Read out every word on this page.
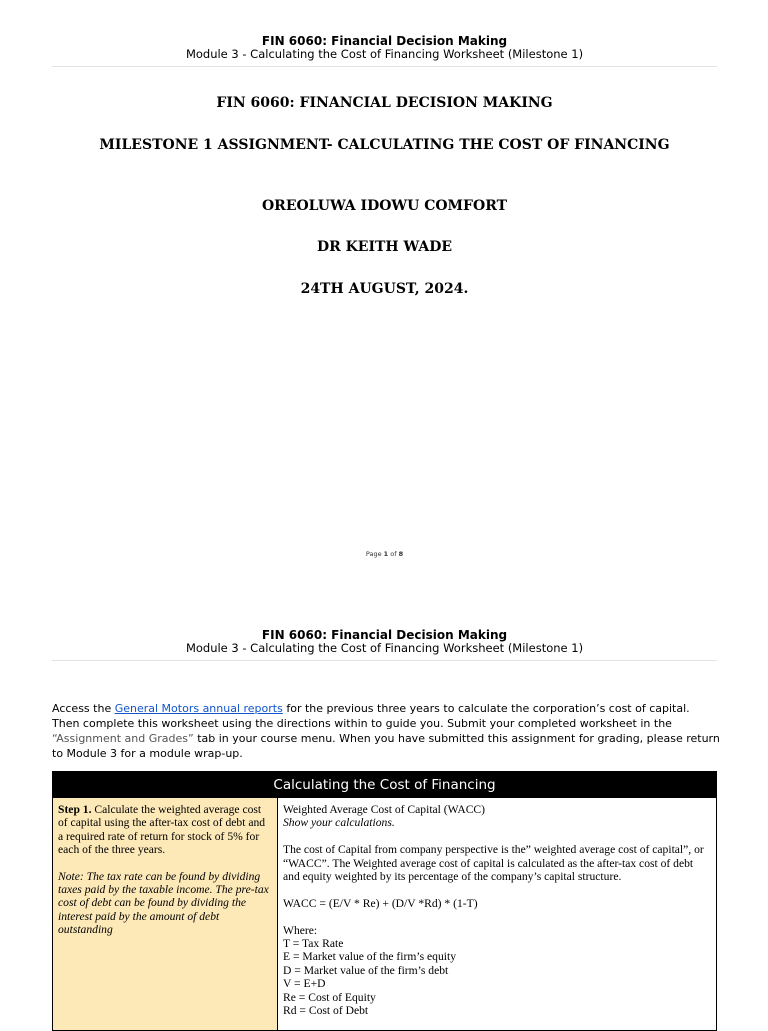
FIN 6060: Financial Decision Making
Module 3 - Calculating the Cost of Financing Worksheet (Milestone 1)
FIN 6060: FINANCIAL DECISION MAKING
MILESTONE 1 ASSIGNMENT- CALCULATING THE COST OF FINANCING
OREOLUWA IDOWU COMFORT
DR KEITH WADE
24TH AUGUST, 2024.
Page 1 of 8
FIN 6060: Financial Decision Making
Module 3 - Calculating the Cost of Financing Worksheet (Milestone 1)
Access the General Motors annual reports for the previous three years to calculate the corporation’s cost of capital. Then complete this worksheet using the directions within to guide you. Submit your completed worksheet in the “Assignment and Grades” tab in your course menu. When you have submitted this assignment for grading, please return to Module 3 for a module wrap-up.
Calculating the Cost of Financing

Step 1. Calculate the weighted average cost of capital using the after-tax cost of debt and a required rate of return for stock of 5% for each of the three years.

Note: The tax rate can be found by dividing taxes paid by the taxable income. The pre-tax cost of debt can be found by dividing the interest paid by the amount of debt outstanding

Weighted Average Cost of Capital (WACC)

Show your calculations.

The cost of Capital from company perspective is the” weighted average cost of capital”, or “WACC”. The Weighted average cost of capital is calculated as the after-tax cost of debt and equity weighted by its percentage of the company’s capital structure.

WACC = (E/V * Re) + (D/V *Rd) * (1-T)

Where:

T = Tax Rate

E = Market value of the firm’s equity

D = Market value of the firm’s debt

V = E+D

Re = Cost of Equity

Rd = Cost of Debt
